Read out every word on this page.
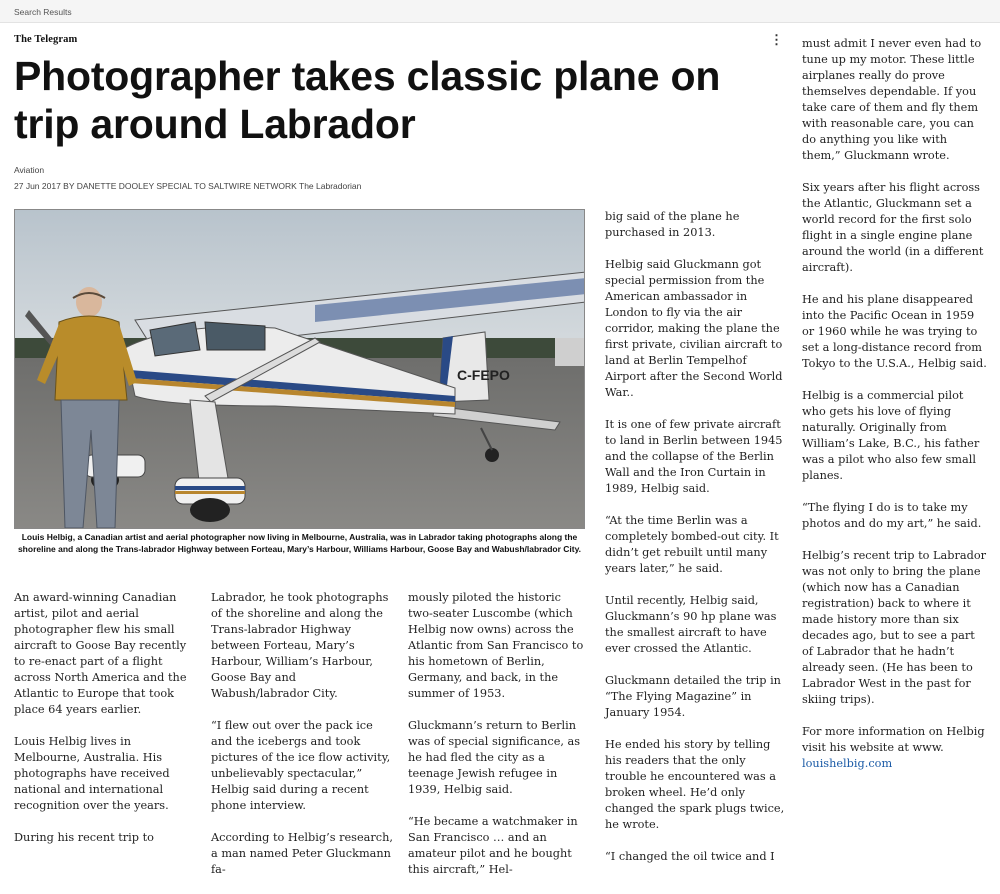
Search Results
The Telegram	⋮
Photographer takes classic plane on trip around Labrador
Aviation
27 Jun 2017 BY DANETTE DOOLEY SPECIAL TO SALTWIRE NETWORK The Labradorian
C-FEPO
Louis Helbig, a Canadian artist and aerial photographer now living in Melbourne, Australia, was in Labrador taking photographs along the shoreline and along the Trans-labrador Highway between Forteau, Mary’s Harbour, Williams Harbour, Goose Bay and Wabush/labrador City.

An award-winning Canadian artist, pilot and aerial photographer flew his small aircraft to Goose Bay recently to re-enact part of a flight across North America and the Atlantic to Europe that took place 64 years earlier.

Louis Helbig lives in Melbourne, Australia. His photographs have received national and international recognition over the years.

During his recent trip to

Labrador, he took photographs of the shoreline and along the Trans-labrador Highway between Forteau, Mary’s Harbour, William’s Harbour, Goose Bay and Wabush/labrador City.

“I flew out over the pack ice and the icebergs and took pictures of the ice flow activity, unbelievably spectacular,” Helbig said during a recent phone interview.

According to Helbig’s research, a man named Peter Gluckmann fa-

mously piloted the historic two-seater Luscombe (which Helbig now owns) across the Atlantic from San Francisco to his hometown of Berlin, Germany, and back, in the summer of 1953.

Gluckmann’s return to Berlin was of special significance, as he had fled the city as a teenage Jewish refugee in 1939, Helbig said.

“He became a watchmaker in San Francisco … and an amateur pilot and he bought this aircraft,” Hel-

big said of the plane he purchased in 2013.

Helbig said Gluckmann got special permission from the American ambassador in London to fly via the air corridor, making the plane the first private, civilian aircraft to land at Berlin Tempelhof Airport after the Second World War..

It is one of few private aircraft to land in Berlin between 1945 and the collapse of the Berlin Wall and the Iron Curtain in 1989, Helbig said.

“At the time Berlin was a completely bombed-out city. It didn’t get rebuilt until many years later,” he said.

Until recently, Helbig said, Gluckmann’s 90 hp plane was the smallest aircraft to have ever crossed the Atlantic.

Gluckmann detailed the trip in “The Flying Magazine” in January 1954.

He ended his story by telling his readers that the only trouble he encountered was a broken wheel. He’d only changed the spark plugs twice, he wrote.

“I changed the oil twice and I

must admit I never even had to tune up my motor. These little airplanes really do prove themselves dependable. If you take care of them and fly them with reasonable care, you can do anything you like with them,” Gluckmann wrote.

Six years after his flight across the Atlantic, Gluckmann set a world record for the first solo flight in a single engine plane around the world (in a different aircraft).

He and his plane disappeared into the Pacific Ocean in 1959 or 1960 while he was trying to set a long-distance record from Tokyo to the U.S.A., Helbig said.

Helbig is a commercial pilot who gets his love of flying naturally. Originally from William’s Lake, B.C., his father was a pilot who also few small planes.

“The flying I do is to take my photos and do my art,” he said.

Helbig’s recent trip to Labrador was not only to bring the plane (which now has a Canadian registration) back to where it made history more than six decades ago, but to see a part of Labrador that he hadn’t already seen. (He has been to Labrador West in the past for skiing trips).

For more information on Helbig visit his website at www.
louishelbig.com
